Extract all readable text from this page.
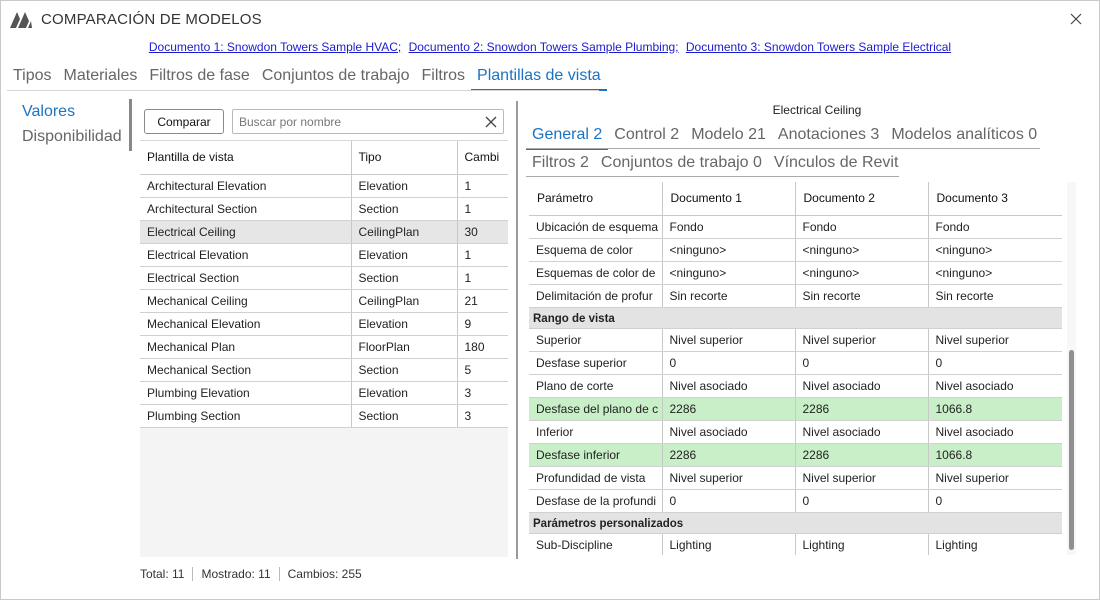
COMPARACIÓN DE MODELOS
Documento 1: Snowdon Towers Sample HVAC; Documento 2: Snowdon Towers Sample Plumbing; Documento 3: Snowdon Towers Sample Electrical
Tipos Materiales Filtros de fase Conjuntos de trabajo Filtros Plantillas de vista
Valores
Disponibilidad
Comparar
Buscar por nombre
Plantilla de vista	Tipo	Cambi
Architectural Elevation	Elevation	1
Architectural Section	Section	1
Electrical Ceiling	CeilingPlan	30
Electrical Elevation	Elevation	1
Electrical Section	Section	1
Mechanical Ceiling	CeilingPlan	21
Mechanical Elevation	Elevation	9
Mechanical Plan	FloorPlan	180
Mechanical Section	Section	5
Plumbing Elevation	Elevation	3
Plumbing Section	Section	3
Total: 11	Mostrado: 11	Cambios: 255
Electrical Ceiling
General 2 Control 2 Modelo 21 Anotaciones 3 Modelos analíticos 0
Filtros 2 Conjuntos de trabajo 0 Vínculos de Revit
Parámetro	Documento 1	Documento 2	Documento 3
Ubicación de esquema	Fondo	Fondo	Fondo
Esquema de color	<ninguno>	<ninguno>	<ninguno>
Esquemas de color de	<ninguno>	<ninguno>	<ninguno>
Delimitación de profur	Sin recorte	Sin recorte	Sin recorte
Rango de vista			
Superior	Nivel superior	Nivel superior	Nivel superior
Desfase superior	0	0	0
Plano de corte	Nivel asociado	Nivel asociado	Nivel asociado
Desfase del plano de c	2286	2286	1066.8
Inferior	Nivel asociado	Nivel asociado	Nivel asociado
Desfase inferior	2286	2286	1066.8
Profundidad de vista	Nivel superior	Nivel superior	Nivel superior
Desfase de la profundi	0	0	0
Parámetros personalizados			
Sub-Discipline	Lighting	Lighting	Lighting
